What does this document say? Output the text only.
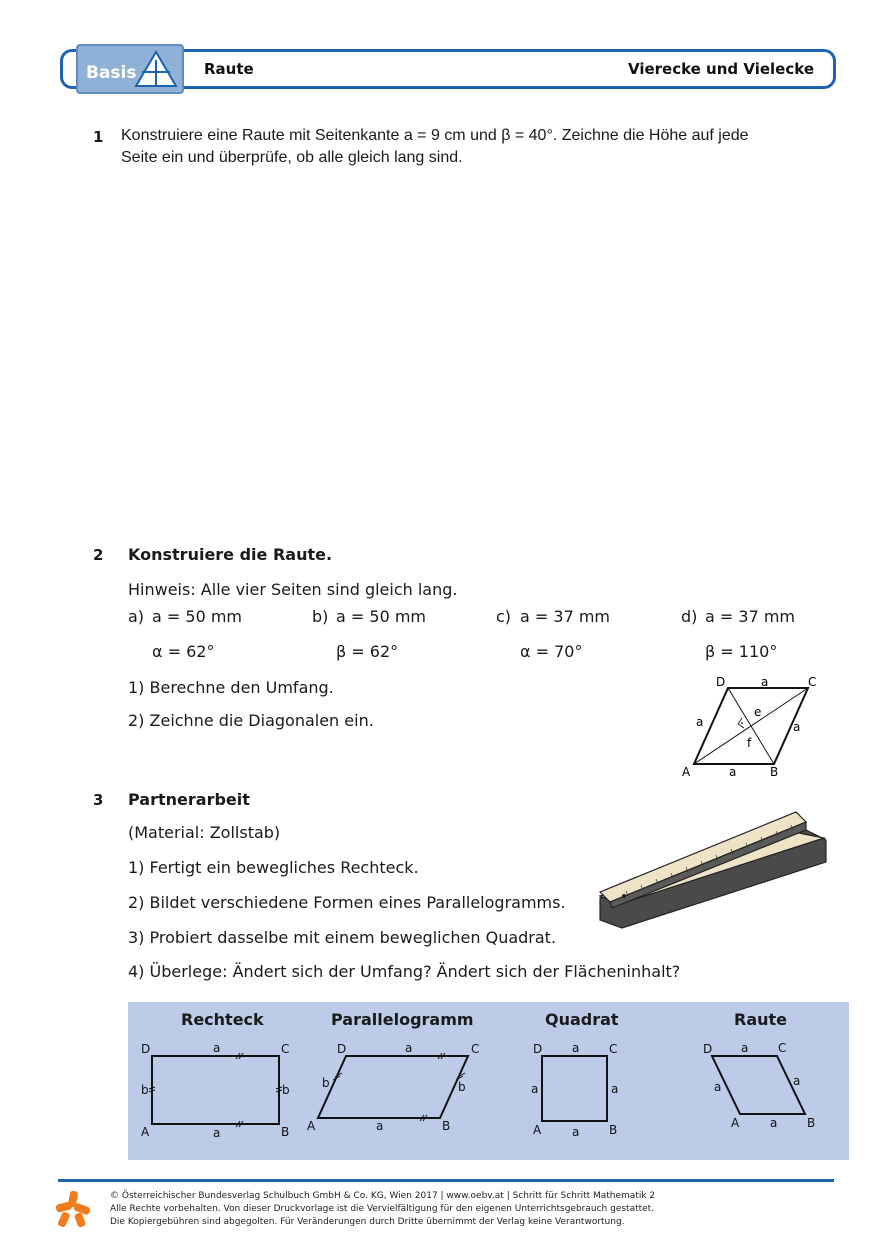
Basis	Raute	Vierecke und Vielecke
1 Konstruiere eine Raute mit Seitenkante a = 9 cm und β = 40°. Zeichne die Höhe auf jede
Seite ein und überprüfe, ob alle gleich lang sind.
2 Konstruiere die Raute.
Hinweis: Alle vier Seiten sind gleich lang.
a) a = 50 mm
α = 62°
b) a = 50 mm
β = 62°
c) a = 37 mm
α = 70°
d) a = 37 mm
β = 110°
1) Berechne den Umfang.
2) Zeichne die Diagonalen ein.
A	B
C
D	a
a
a	a
e
f
3 Partnerarbeit
(Material: Zollstab)
1) Fertigt ein bewegliches Rechteck.
2) Bildet verschiedene Formen eines Parallelogramms.
3) Probiert dasselbe mit einem beweglichen Quadrat.
4) Überlege: Ändert sich der Umfang? Ändert sich der Flächeninhalt?
Rechteck	Parallelogramm	Quadrat	Raute
D	C
A	B
a
a
b	b
D	C
A	B
a
a
b	b
D	C
A	B
a
a
a	a
D	C
A	B
a
a
a	a
© Österreichischer Bundesverlag Schulbuch GmbH & Co. KG, Wien 2017 | www.oebv.at | Schritt für Schritt Mathematik 2
Alle Rechte vorbehalten. Von dieser Druckvorlage ist die Vervielfältigung für den eigenen Unterrichtsgebrauch gestattet.
Die Kopiergebühren sind abgegolten. Für Veränderungen durch Dritte übernimmt der Verlag keine Verantwortung.
